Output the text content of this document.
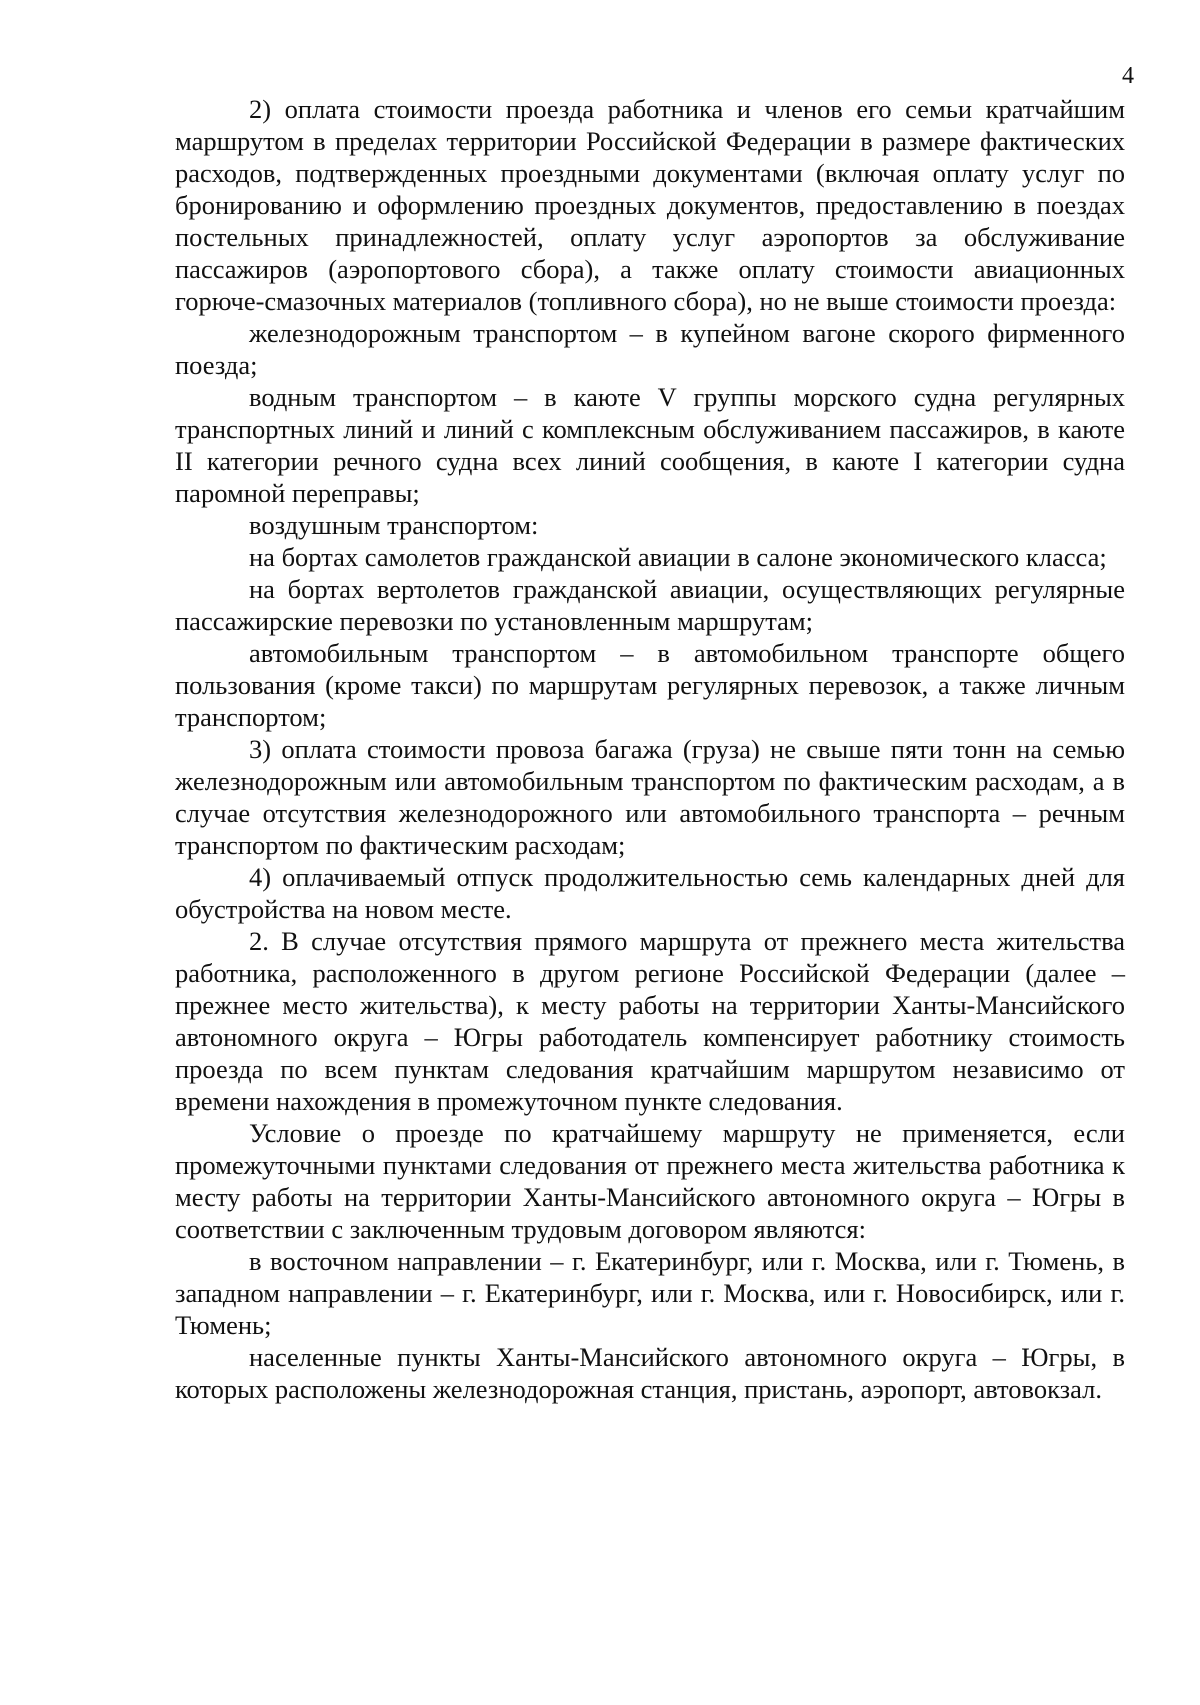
4

2) оплата стоимости проезда работника и членов его семьи кратчайшим маршрутом в пределах территории Российской Федерации в размере фактических расходов, подтвержденных проездными документами (включая оплату услуг по бронированию и оформлению проездных документов, предоставлению в поездах постельных принадлежностей, оплату услуг аэропортов за обслуживание пассажиров (аэропортового сбора), а также оплату стоимости авиационных горюче-смазочных материалов (топливного сбора), но не выше стоимости проезда:

железнодорожным транспортом – в купейном вагоне скорого фирменного поезда;

водным транспортом – в каюте V группы морского судна регулярных транспортных линий и линий с комплексным обслуживанием пассажиров, в каюте II категории речного судна всех линий сообщения, в каюте I категории судна паромной переправы;

воздушным транспортом:

на бортах самолетов гражданской авиации в салоне экономического класса;

на бортах вертолетов гражданской авиации, осуществляющих регулярные пассажирские перевозки по установленным маршрутам;

автомобильным транспортом – в автомобильном транспорте общего пользования (кроме такси) по маршрутам регулярных перевозок, а также личным транспортом;

3) оплата стоимости провоза багажа (груза) не свыше пяти тонн на семью железнодорожным или автомобильным транспортом по фактическим расходам, а в случае отсутствия железнодорожного или автомобильного транспорта – речным транспортом по фактическим расходам;

4) оплачиваемый отпуск продолжительностью семь календарных дней для обустройства на новом месте.

2. В случае отсутствия прямого маршрута от прежнего места жительства работника, расположенного в другом регионе Российской Федерации (далее – прежнее место жительства), к месту работы на территории Ханты-Мансийского автономного округа – Югры работодатель компенсирует работнику стоимость проезда по всем пунктам следования кратчайшим маршрутом независимо от времени нахождения в промежуточном пункте следования.

Условие о проезде по кратчайшему маршруту не применяется, если промежуточными пунктами следования от прежнего места жительства работника к месту работы на территории Ханты-Мансийского автономного округа – Югры в соответствии с заключенным трудовым договором являются:

в восточном направлении – г. Екатеринбург, или г. Москва, или г. Тюмень, в западном направлении – г. Екатеринбург, или г. Москва, или г. Новосибирск, или г. Тюмень;

населенные пункты Ханты-Мансийского автономного округа – Югры, в которых расположены железнодорожная станция, пристань, аэропорт, автовокзал.
